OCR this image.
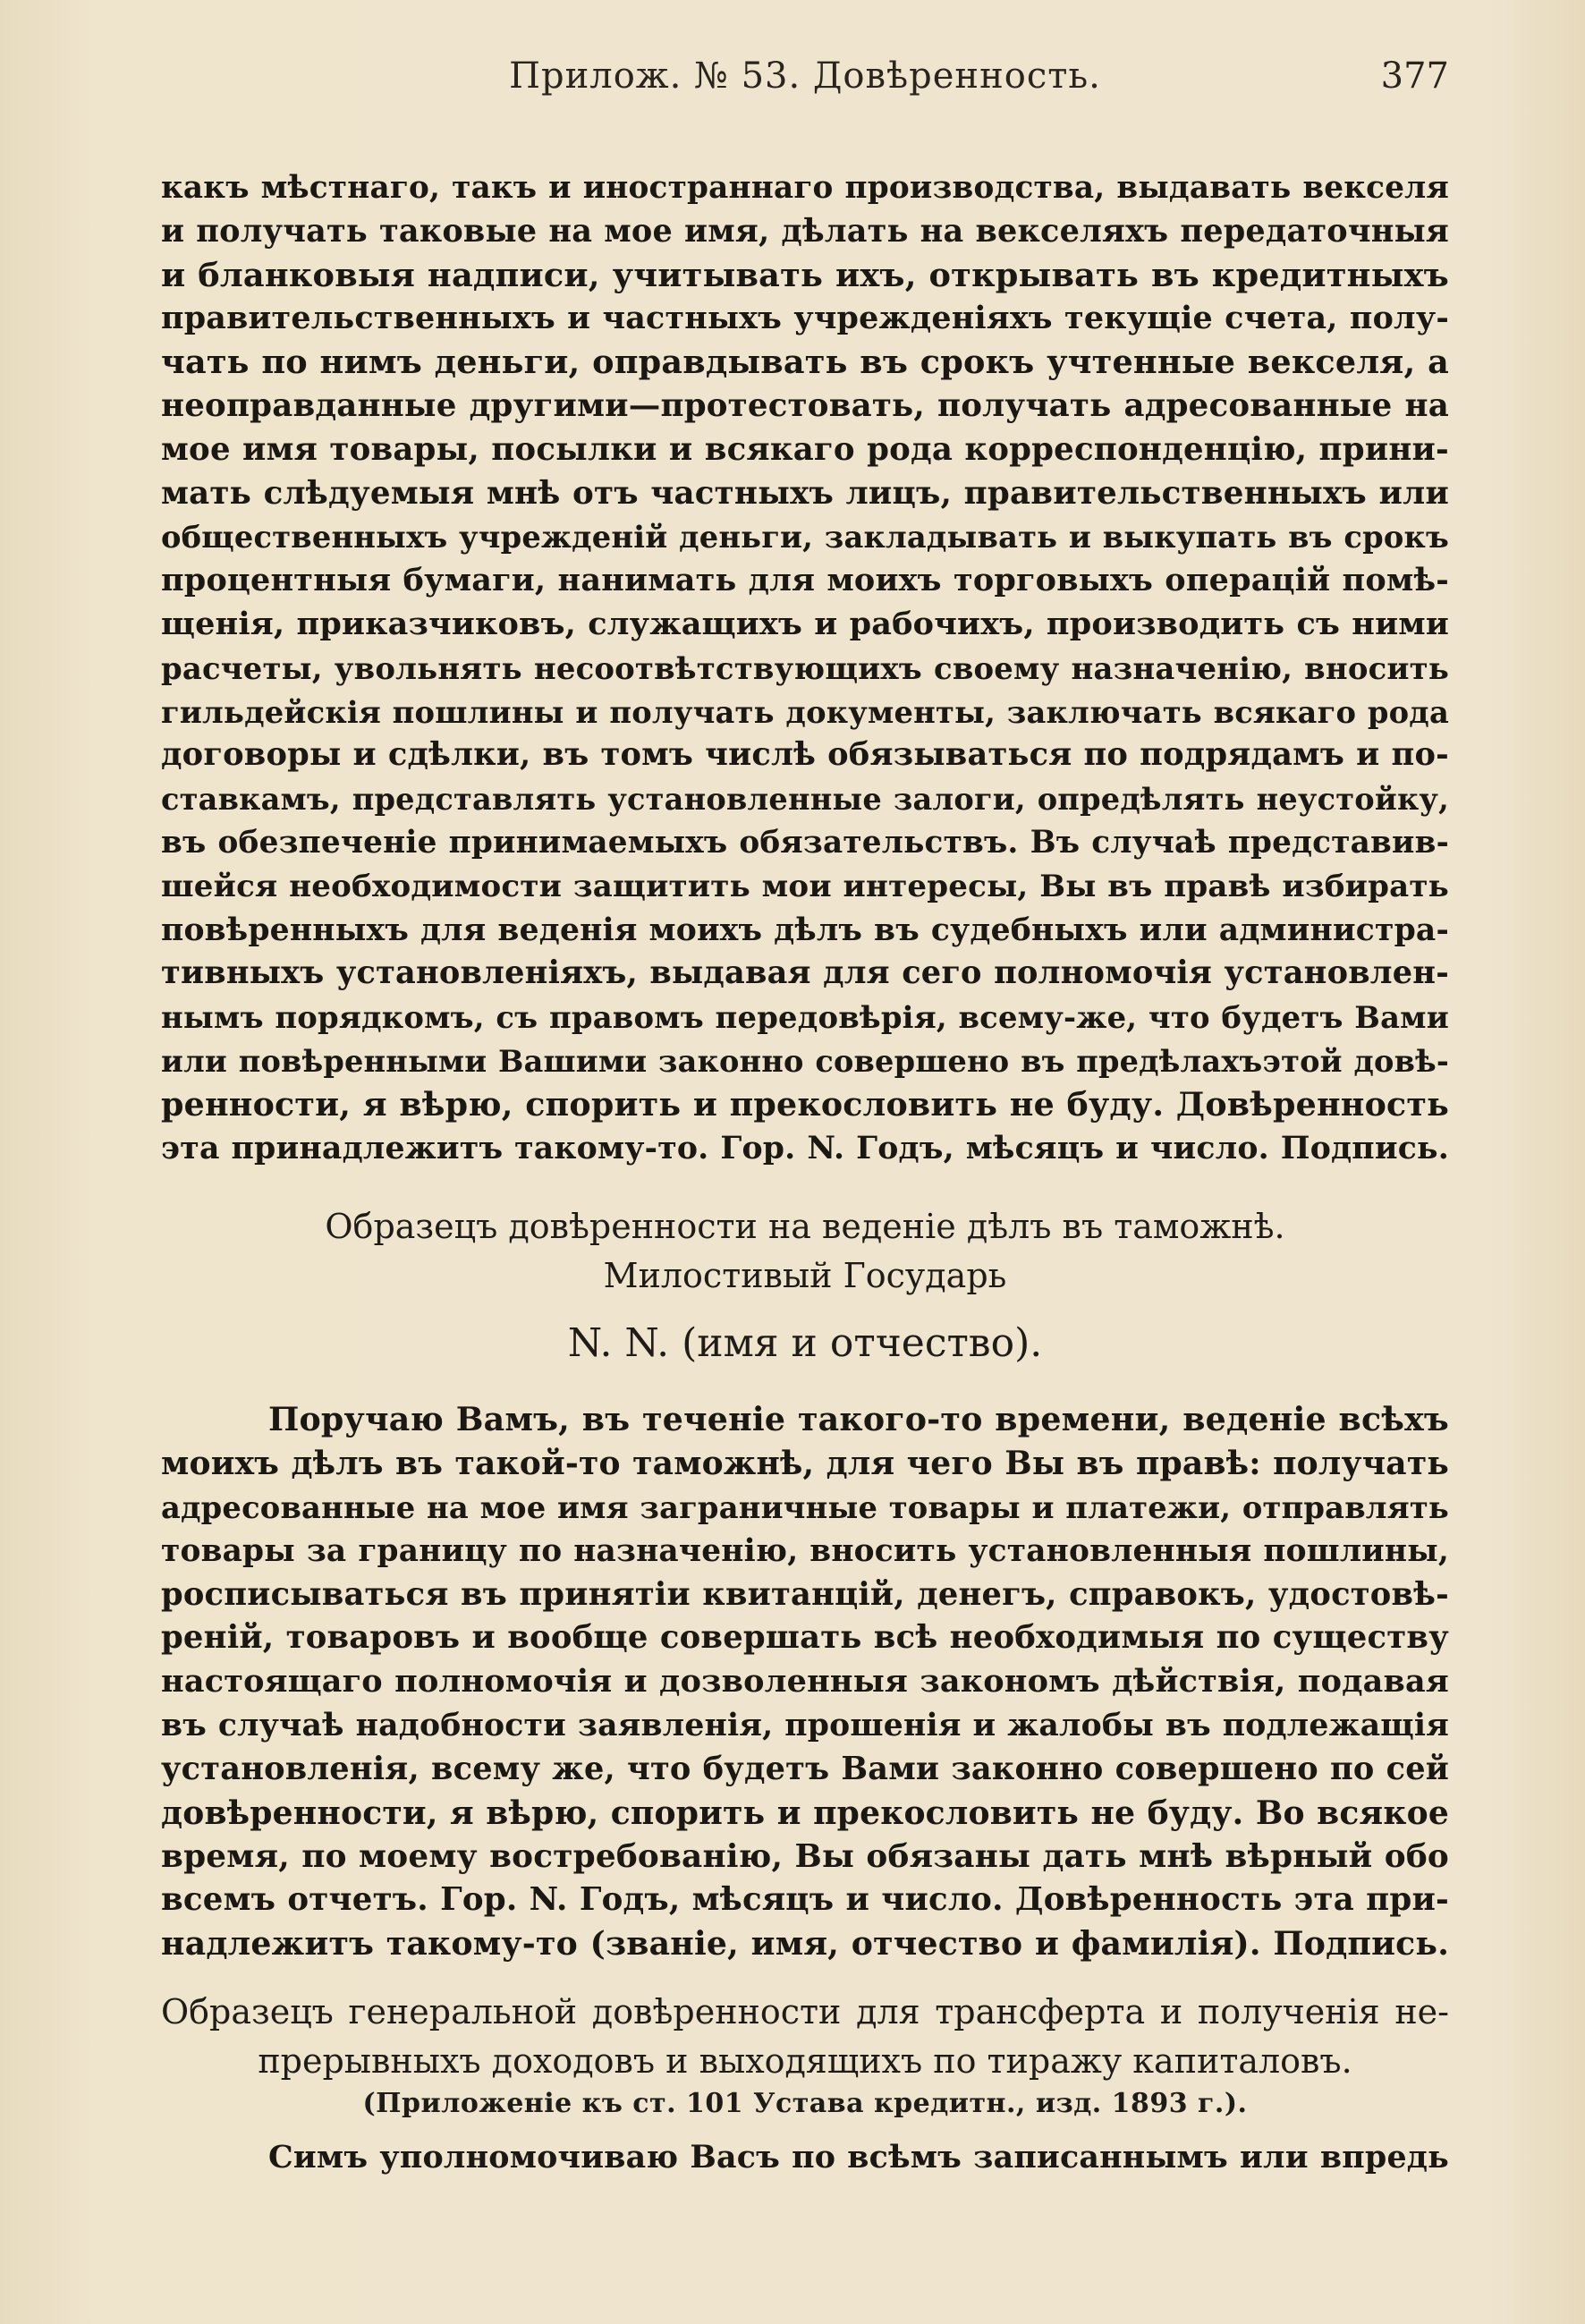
Прилож. № 53. Довѣренность.	377
какъ мѣстнаго, такъ и иностраннаго производства, выдавать векселя
и получать таковые на мое имя, дѣлать на векселяхъ передаточныя
и бланковыя надписи, учитывать ихъ, открывать въ кредитныхъ
правительственныхъ и частныхъ учрежденіяхъ текущіе счета, полу-
чать по нимъ деньги, оправдывать въ срокъ учтенные векселя, а
неоправданные другими—протестовать, получать адресованные на
мое имя товары, посылки и всякаго рода корреспонденцію, прини-
мать слѣдуемыя мнѣ отъ частныхъ лицъ, правительственныхъ или
общественныхъ учрежденій деньги, закладывать и выкупать въ срокъ
процентныя бумаги, нанимать для моихъ торговыхъ операцій помѣ-
щенія, приказчиковъ, служащихъ и рабочихъ, производить съ ними
расчеты, увольнять несоотвѣтствующихъ своему назначенію, вносить
гильдейскія пошлины и получать документы, заключать всякаго рода
договоры и сдѣлки, въ томъ числѣ обязываться по подрядамъ и по-
ставкамъ, представлять установленные залоги, опредѣлять неустойку,
въ обезпеченіе принимаемыхъ обязательствъ. Въ случаѣ представив-
шейся необходимости защитить мои интересы, Вы въ правѣ избирать
повѣренныхъ для веденія моихъ дѣлъ въ судебныхъ или администра-
тивныхъ установленіяхъ, выдавая для сего полномочія установлен-
нымъ порядкомъ, съ правомъ передовѣрія, всему-же, что будетъ Вами
или повѣренными Вашими законно совершено въ предѣлахъэтой довѣ-
ренности, я вѣрю, спорить и прекословить не буду. Довѣренность
эта принадлежитъ такому-то. Гор. N. Годъ, мѣсяцъ и число. Подпись.
Образецъ довѣренности на веденіе дѣлъ въ таможнѣ.
Милостивый Государь
N. N. (имя и отчество).
Поручаю Вамъ, въ теченіе такого-то времени, веденіе всѣхъ
моихъ дѣлъ въ такой-то таможнѣ, для чего Вы въ правѣ: получать
адресованные на мое имя заграничные товары и платежи, отправлять
товары за границу по назначенію, вносить установленныя пошлины,
росписываться въ принятіи квитанцій, денегъ, справокъ, удостовѣ-
реній, товаровъ и вообще совершать всѣ необходимыя по существу
настоящаго полномочія и дозволенныя закономъ дѣйствія, подавая
въ случаѣ надобности заявленія, прошенія и жалобы въ подлежащія
установленія, всему же, что будетъ Вами законно совершено по сей
довѣренности, я вѣрю, спорить и прекословить не буду. Во всякое
время, по моему востребованію, Вы обязаны дать мнѣ вѣрный обо
всемъ отчетъ. Гор. N. Годъ, мѣсяцъ и число. Довѣренность эта при-
надлежитъ такому-то (званіе, имя, отчество и фамилія). Подпись.
Образецъ генеральной довѣренности для трансферта и полученія не-
прерывныхъ доходовъ и выходящихъ по тиражу капиталовъ.
(Приложеніе къ ст. 101 Устава кредитн., изд. 1893 г.).
Симъ уполномочиваю Васъ по всѣмъ записаннымъ или впредь
